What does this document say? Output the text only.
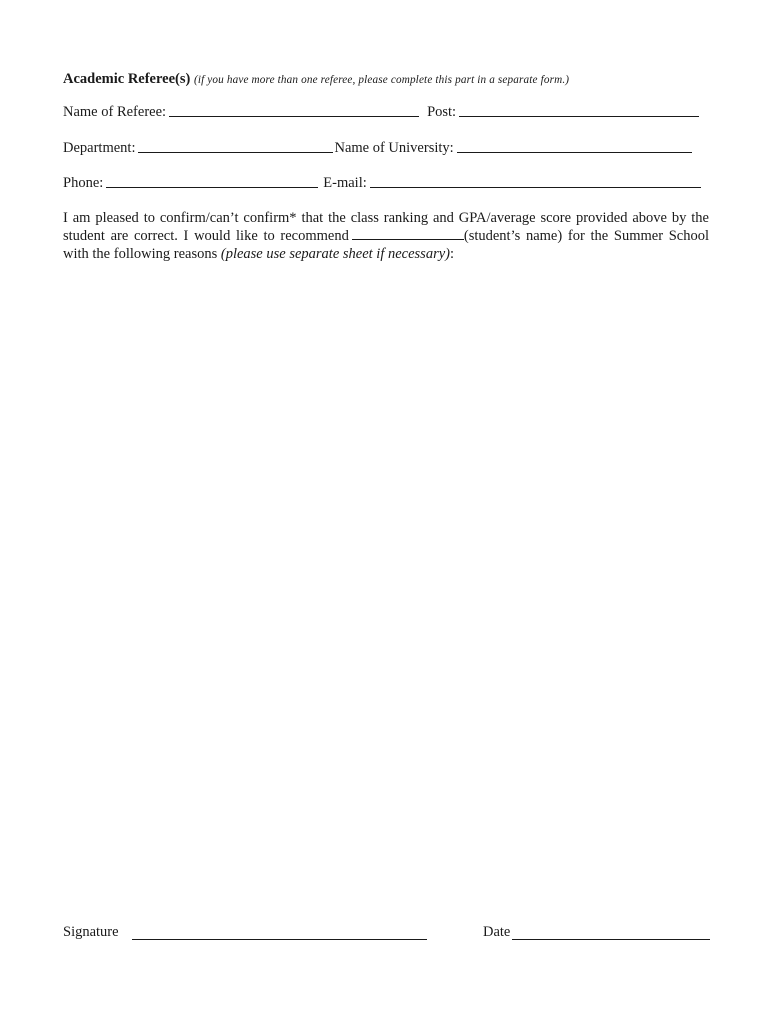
Academic Referee(s) (if you have more than one referee, please complete this part in a separate form.)
Name of Referee:	Post:
Department:	Name of University:
Phone:	E-mail:
I am pleased to confirm/can’t confirm* that the class ranking and GPA/average score provided above by the student are correct. I would like to recommend	(student’s name) for the Summer School with the following reasons (please use separate sheet if necessary):
Signature	Date
